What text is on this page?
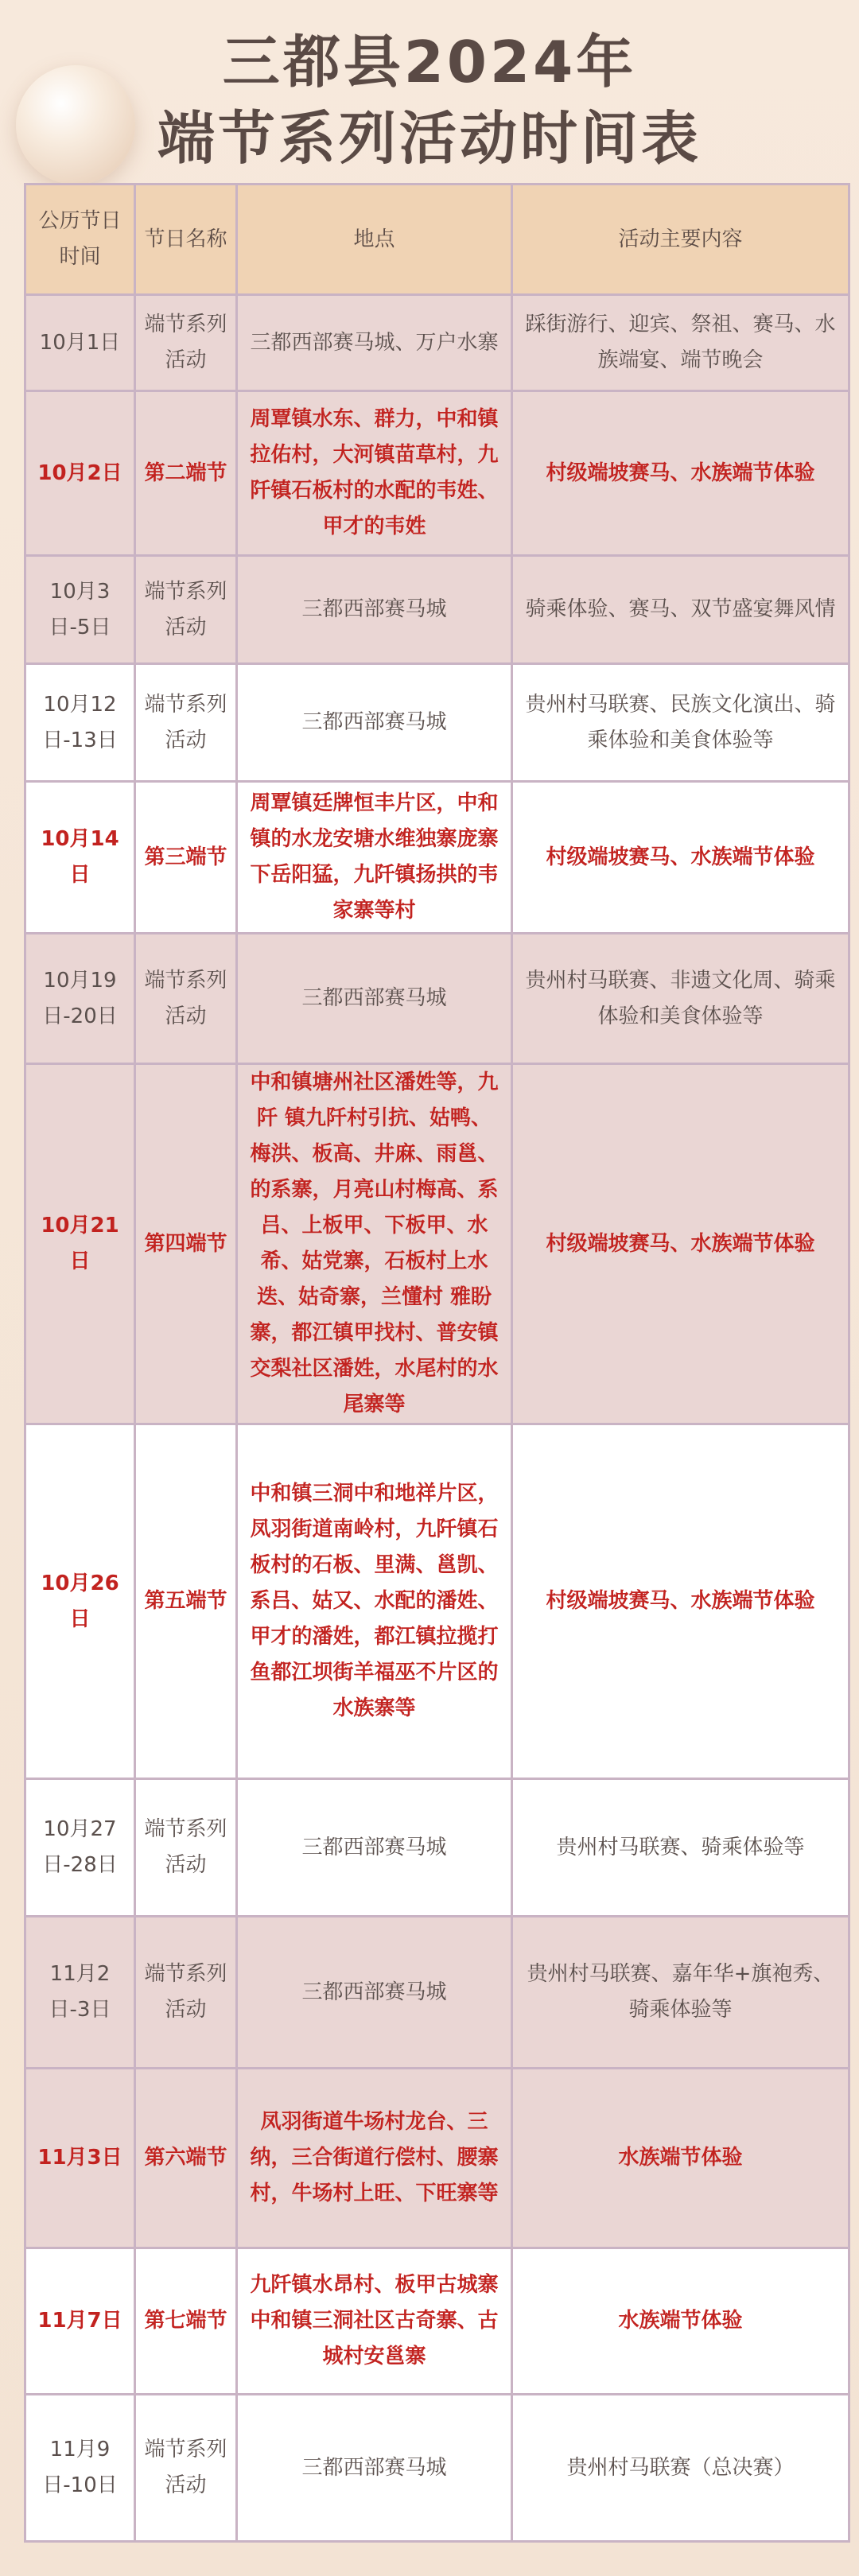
三都县2024年
端节系列活动时间表
公历节日时间	节日名称	地点	活动主要内容
10月1日	端节系列活动	三都西部赛马城、万户水寨	踩街游行、迎宾、祭祖、赛马、水族端宴、端节晚会
10月2日	第二端节	周覃镇水东、群力，中和镇拉佑村，大河镇苗草村，九阡镇石板村的水配的韦姓、甲才的韦姓	村级端坡赛马、水族端节体验
10月3日-5日	端节系列活动	三都西部赛马城	骑乘体验、赛马、双节盛宴舞风情
10月12日-13日	端节系列活动	三都西部赛马城	贵州村马联赛、民族文化演出、骑乘体验和美食体验等
10月14日	第三端节	周覃镇廷牌恒丰片区，中和镇的水龙安塘水维独寨庞寨下岳阳猛，九阡镇扬拱的韦家寨等村	村级端坡赛马、水族端节体验
10月19日-20日	端节系列活动	三都西部赛马城	贵州村马联赛、非遗文化周、骑乘体验和美食体验等
10月21日	第四端节	中和镇塘州社区潘姓等，九阡 镇九阡村引抗、姑鸭、梅洪、板高、井麻、雨邕、的系寨，月亮山村梅高、系吕、上板甲、下板甲、水希、姑党寨，石板村上水迭、姑奇寨，兰懂村 雅盼寨，都江镇甲找村、普安镇交梨社区潘姓，水尾村的水尾寨等	村级端坡赛马、水族端节体验
10月26日	第五端节	中和镇三洞中和地祥片区，凤羽街道南岭村，九阡镇石板村的石板、里满、邕凯、系吕、姑又、水配的潘姓、甲才的潘姓，都江镇拉揽打鱼都江坝街羊福巫不片区的水族寨等	村级端坡赛马、水族端节体验
10月27日-28日	端节系列活动	三都西部赛马城	贵州村马联赛、骑乘体验等
11月2日-3日	端节系列活动	三都西部赛马城	贵州村马联赛、嘉年华+旗袍秀、骑乘体验等
11月3日	第六端节	凤羽街道牛场村龙台、三纳，三合街道行偿村、腰寨村，牛场村上旺、下旺寨等	水族端节体验
11月7日	第七端节	九阡镇水昂村、板甲古城寨中和镇三洞社区古奇寨、古城村安邕寨	水族端节体验
11月9日-10日	端节系列活动	三都西部赛马城	贵州村马联赛（总决赛）
